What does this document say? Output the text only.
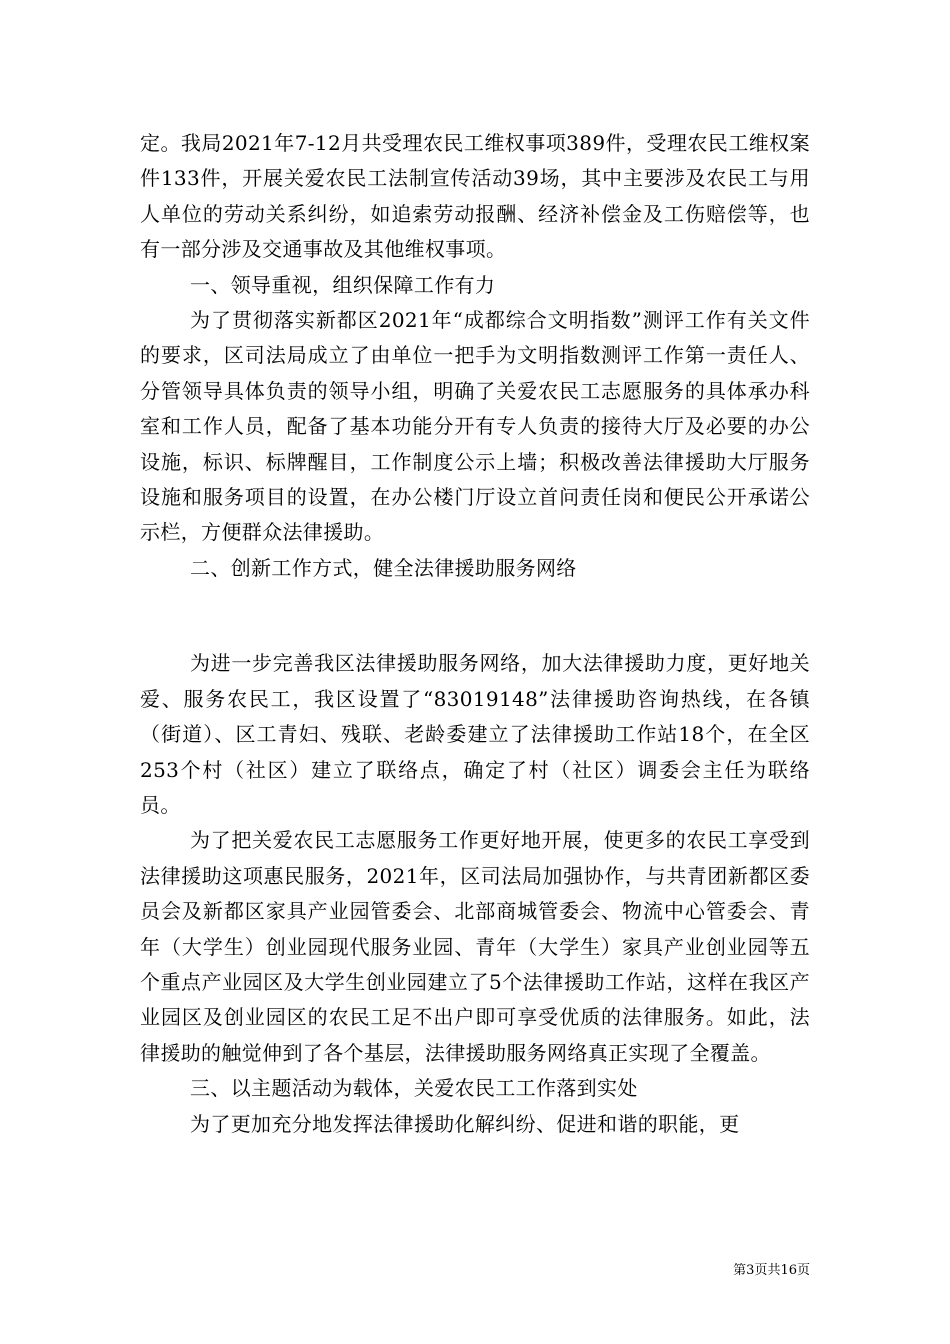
定。我局2021年7-12月共受理农民工维权事项389件，受理农民工维权案件133件，开展关爱农民工法制宣传活动39场，其中主要涉及农民工与用人单位的劳动关系纠纷，如追索劳动报酬、经济补偿金及工伤赔偿等，也有一部分涉及交通事故及其他维权事项。

一、领导重视，组织保障工作有力

为了贯彻落实新都区2021年“成都综合文明指数”测评工作有关文件的要求，区司法局成立了由单位一把手为文明指数测评工作第一责任人、分管领导具体负责的领导小组，明确了关爱农民工志愿服务的具体承办科室和工作人员，配备了基本功能分开有专人负责的接待大厅及必要的办公设施，标识、标牌醒目，工作制度公示上墙；积极改善法律援助大厅服务设施和服务项目的设置，在办公楼门厅设立首问责任岗和便民公开承诺公示栏，方便群众法律援助。

二、创新工作方式，健全法律援助服务网络

为进一步完善我区法律援助服务网络，加大法律援助力度，更好地关爱、服务农民工，我区设置了“83019148”法律援助咨询热线，在各镇（街道）、区工青妇、残联、老龄委建立了法律援助工作站18个，在全区253个村（社区）建立了联络点，确定了村（社区）调委会主任为联络员。

为了把关爱农民工志愿服务工作更好地开展，使更多的农民工享受到法律援助这项惠民服务，2021年，区司法局加强协作，与共青团新都区委员会及新都区家具产业园管委会、北部商城管委会、物流中心管委会、青年（大学生）创业园现代服务业园、青年（大学生）家具产业创业园等五个重点产业园区及大学生创业园建立了5个法律援助工作站，这样在我区产业园区及创业园区的农民工足不出户即可享受优质的法律服务。如此，法律援助的触觉伸到了各个基层，法律援助服务网络真正实现了全覆盖。

三、以主题活动为载体，关爱农民工工作落到实处

为了更加充分地发挥法律援助化解纠纷、促进和谐的职能，更

第3页共16页
